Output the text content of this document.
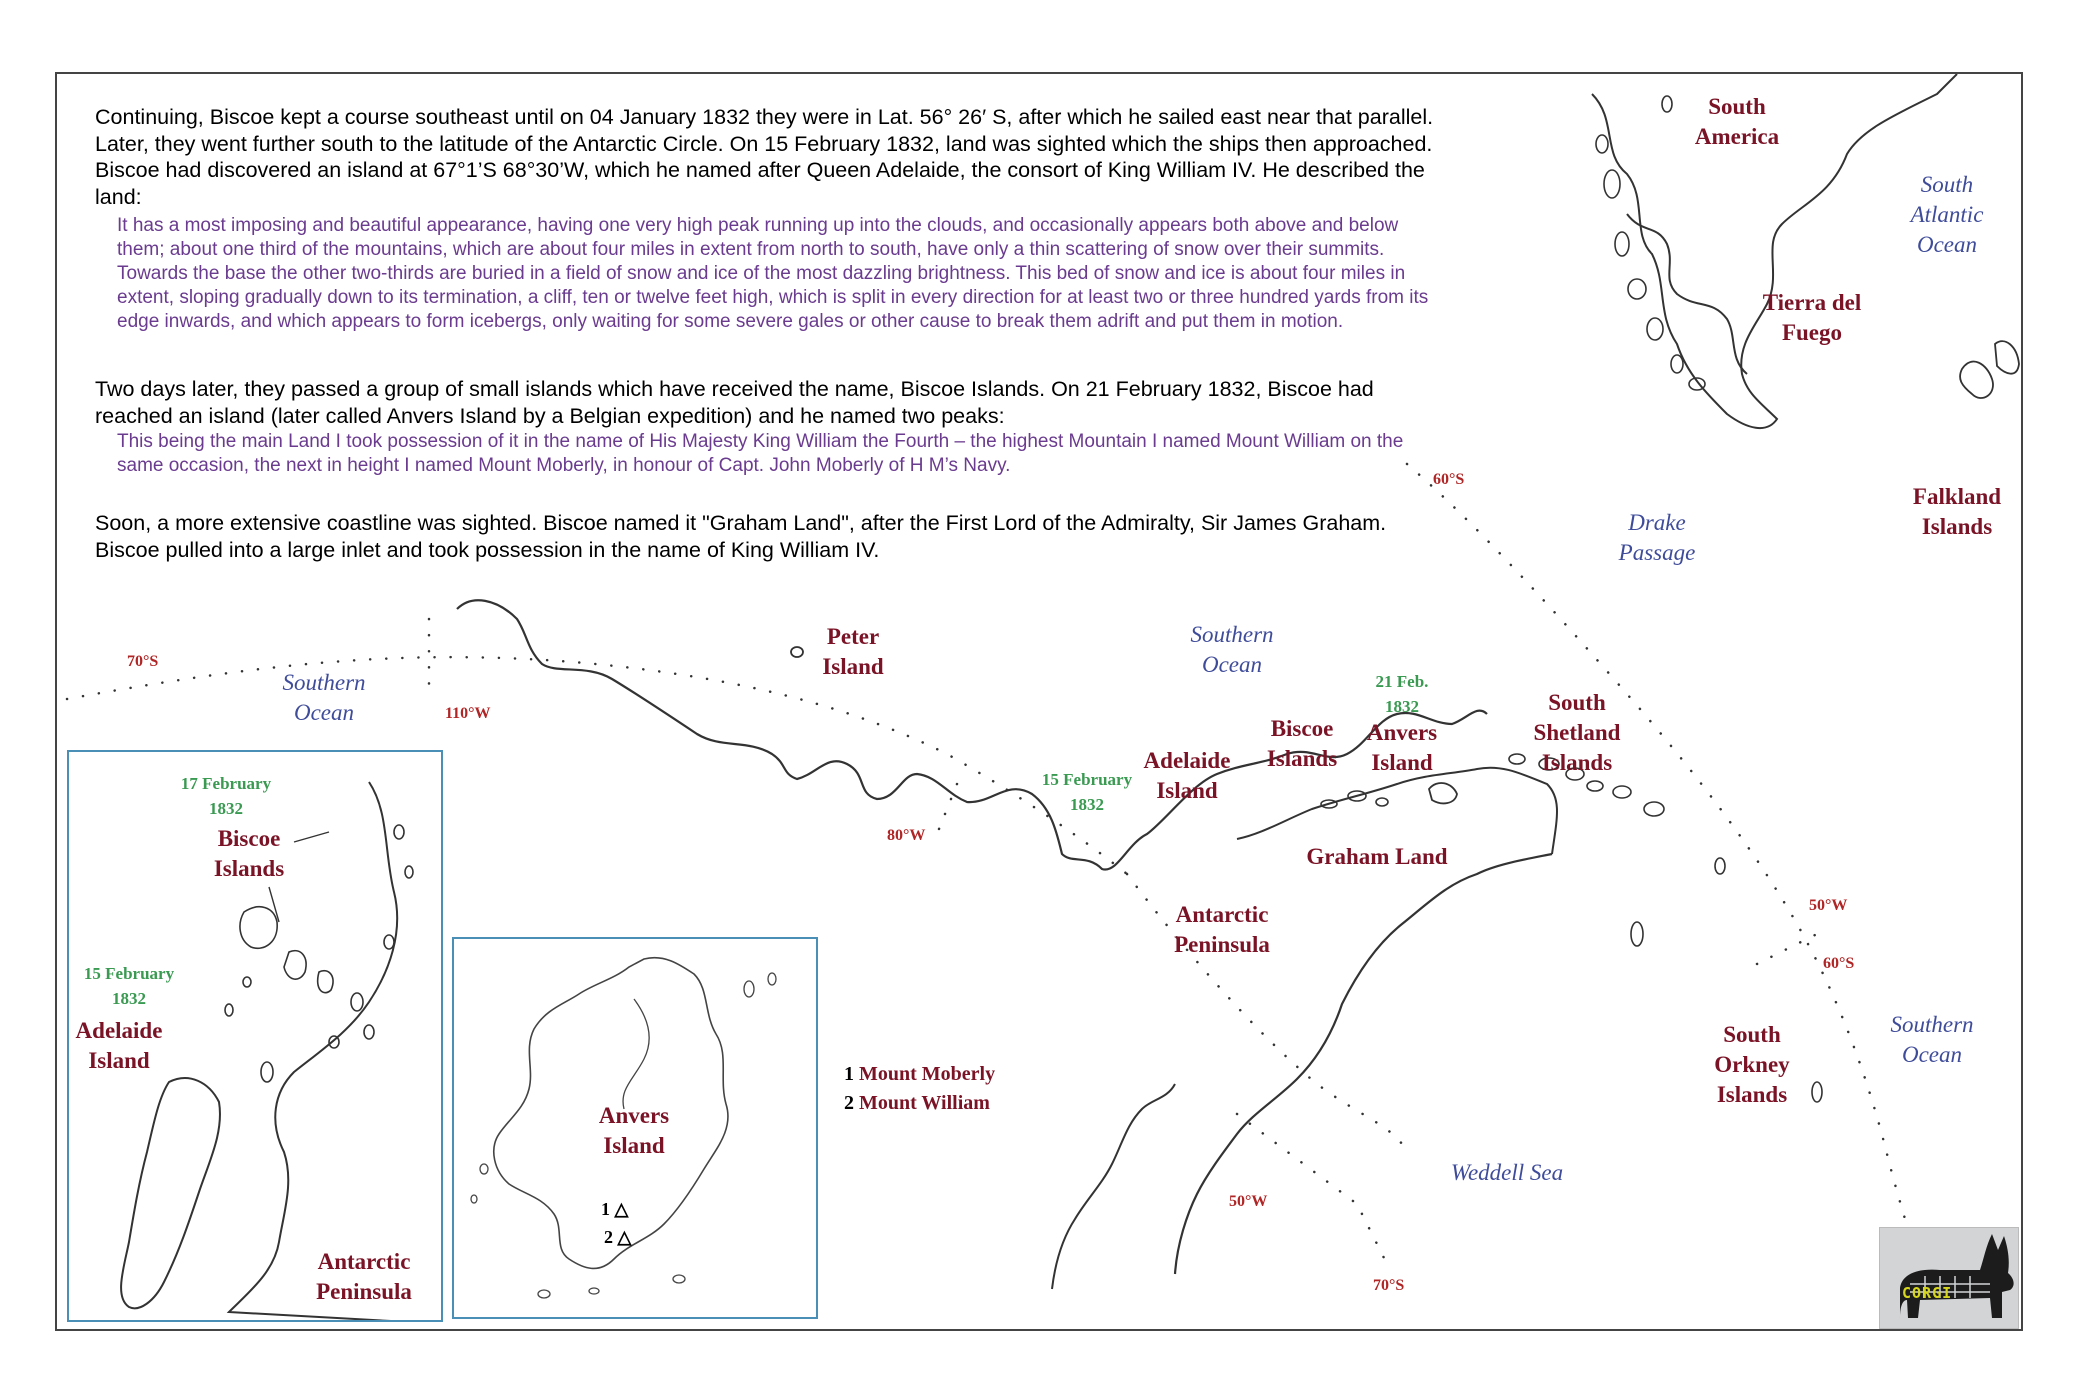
Continuing, Biscoe kept a course southeast until on 04 January 1832 they were in Lat. 56° 26′ S, after which he sailed east near that parallel. Later, they went further south to the latitude of the Antarctic Circle. On 15 February 1832, land was sighted which the ships then approached. Biscoe had discovered an island at 67°1’S 68°30’W, which he named after Queen Adelaide, the consort of King William IV. He described the land:
It has a most imposing and beautiful appearance, having one very high peak running up into the clouds, and occasionally appears both above and below them; about one third of the mountains, which are about four miles in extent from north to south, have only a thin scattering of snow over their summits. Towards the base the other two-thirds are buried in a field of snow and ice of the most dazzling brightness. This bed of snow and ice is about four miles in extent, sloping gradually down to its termination, a cliff, ten or twelve feet high, which is split in every direction for at least two or three hundred yards from its edge inwards, and which appears to form icebergs, only waiting for some severe gales or other cause to break them adrift and put them in motion.
Two days later, they passed a group of small islands which have received the name, Biscoe Islands. On 21 February 1832, Biscoe had reached an island (later called Anvers Island by a Belgian expedition) and he named two peaks:
This being the main Land I took possession of it in the name of His Majesty King William the Fourth – the highest Mountain I named Mount William on the same occasion, the next in height I named Mount Moberly, in honour of Capt. John Moberly of H M’s Navy.
Soon, a more extensive coastline was sighted. Biscoe named it "Graham Land", after the First Lord of the Admiralty, Sir James Graham. Biscoe pulled into a large inlet and took possession in the name of King William IV.
South America
Tierra del Fuego
South Atlantic Ocean
Falkland Islands
Drake Passage
Southern Ocean
Southern Ocean
Southern Ocean
Peter Island
Adelaide Island
Biscoe Islands
Anvers Island
South Shetland Islands
Graham Land
Antarctic Peninsula
South Orkney Islands
Weddell Sea
15 February 1832
21 Feb. 1832
60°S
70°S
110°W
80°W
50°W
70°S
50°W
60°S
17 February 1832
Biscoe Islands
15 February 1832
Adelaide Island
Antarctic Peninsula
Anvers Island
1 △
2 △
1 Mount Moberly
2 Mount William
CORGI
